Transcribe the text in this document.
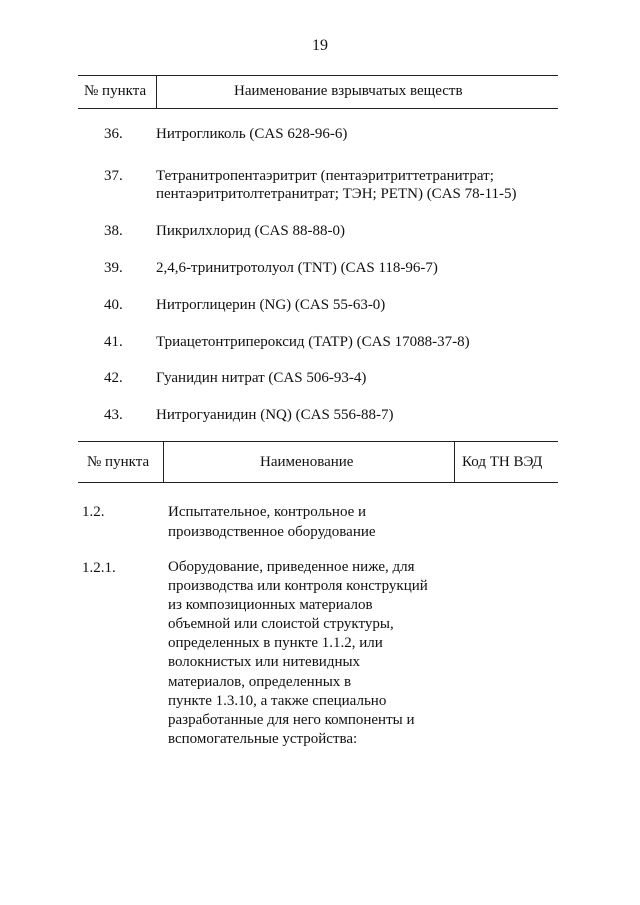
19
№ пункта	Наименование взрывчатых веществ
36. Нитрогликоль (CAS 628-96-6)
37. Тетранитропентаэритрит (пентаэритриттетранитрат;
пентаэритритолтетранитрат; ТЭН; PETN) (CAS 78-11-5)
38. Пикрилхлорид (CAS 88-88-0)
39. 2,4,6-тринитротолуол (TNT) (CAS 118-96-7)
40. Нитроглицерин (NG) (CAS 55-63-0)
41. Триацетонтрипероксид (TATP) (CAS 17088-37-8)
42. Гуанидин нитрат (CAS 506-93-4)
43. Нитрогуанидин (NQ) (CAS 556-88-7)
№ пункта	Наименование	Код ТН ВЭД
1.2.	Испытательное, контрольное и
производственное оборудование
1.2.1.	Оборудование, приведенное ниже, для
производства или контроля конструкций
из композиционных материалов
объемной или слоистой структуры,
определенных в пункте 1.1.2, или
волокнистых или нитевидных
материалов, определенных в
пункте 1.3.10, а также специально
разработанные для него компоненты и
вспомогательные устройства:
